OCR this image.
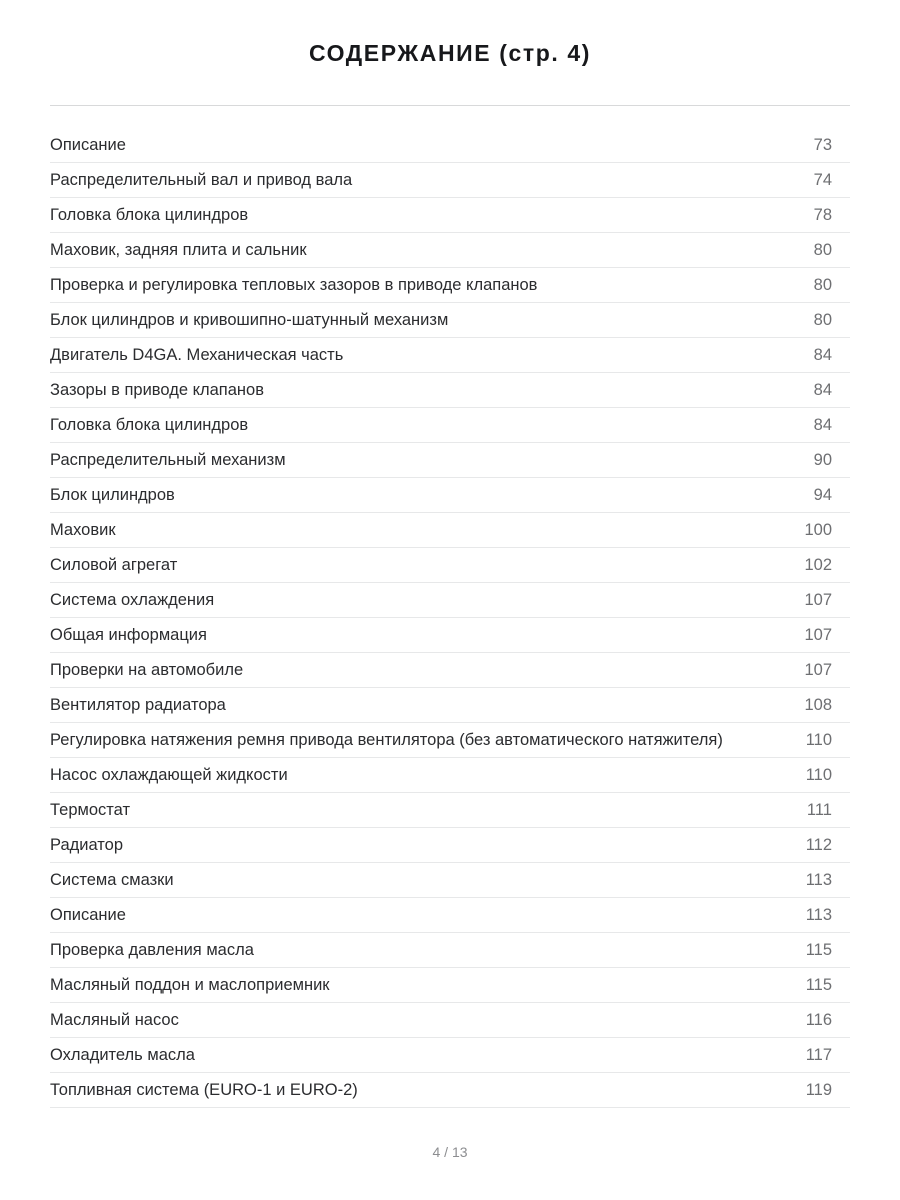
СОДЕРЖАНИЕ (стр. 4)
Описание	73
Распределительный вал и привод вала	74
Головка блока цилиндров	78
Маховик, задняя плита и сальник	80
Проверка и регулировка тепловых зазоров в приводе клапанов	80
Блок цилиндров и кривошипно-шатунный механизм	80
Двигатель D4GA. Механическая часть	84
Зазоры в приводе клапанов	84
Головка блока цилиндров	84
Распределительный механизм	90
Блок цилиндров	94
Маховик	100
Силовой агрегат	102
Система охлаждения	107
Общая информация	107
Проверки на автомобиле	107
Вентилятор радиатора	108
Регулировка натяжения ремня привода вентилятора (без автоматического натяжителя)	110
Насос охлаждающей жидкости	110
Термостат	111
Радиатор	112
Система смазки	113
Описание	113
Проверка давления масла	115
Масляный поддон и маслоприемник	115
Масляный насос	116
Охладитель масла	117
Топливная система (EURO-1 и EURO-2)	119
4 / 13
